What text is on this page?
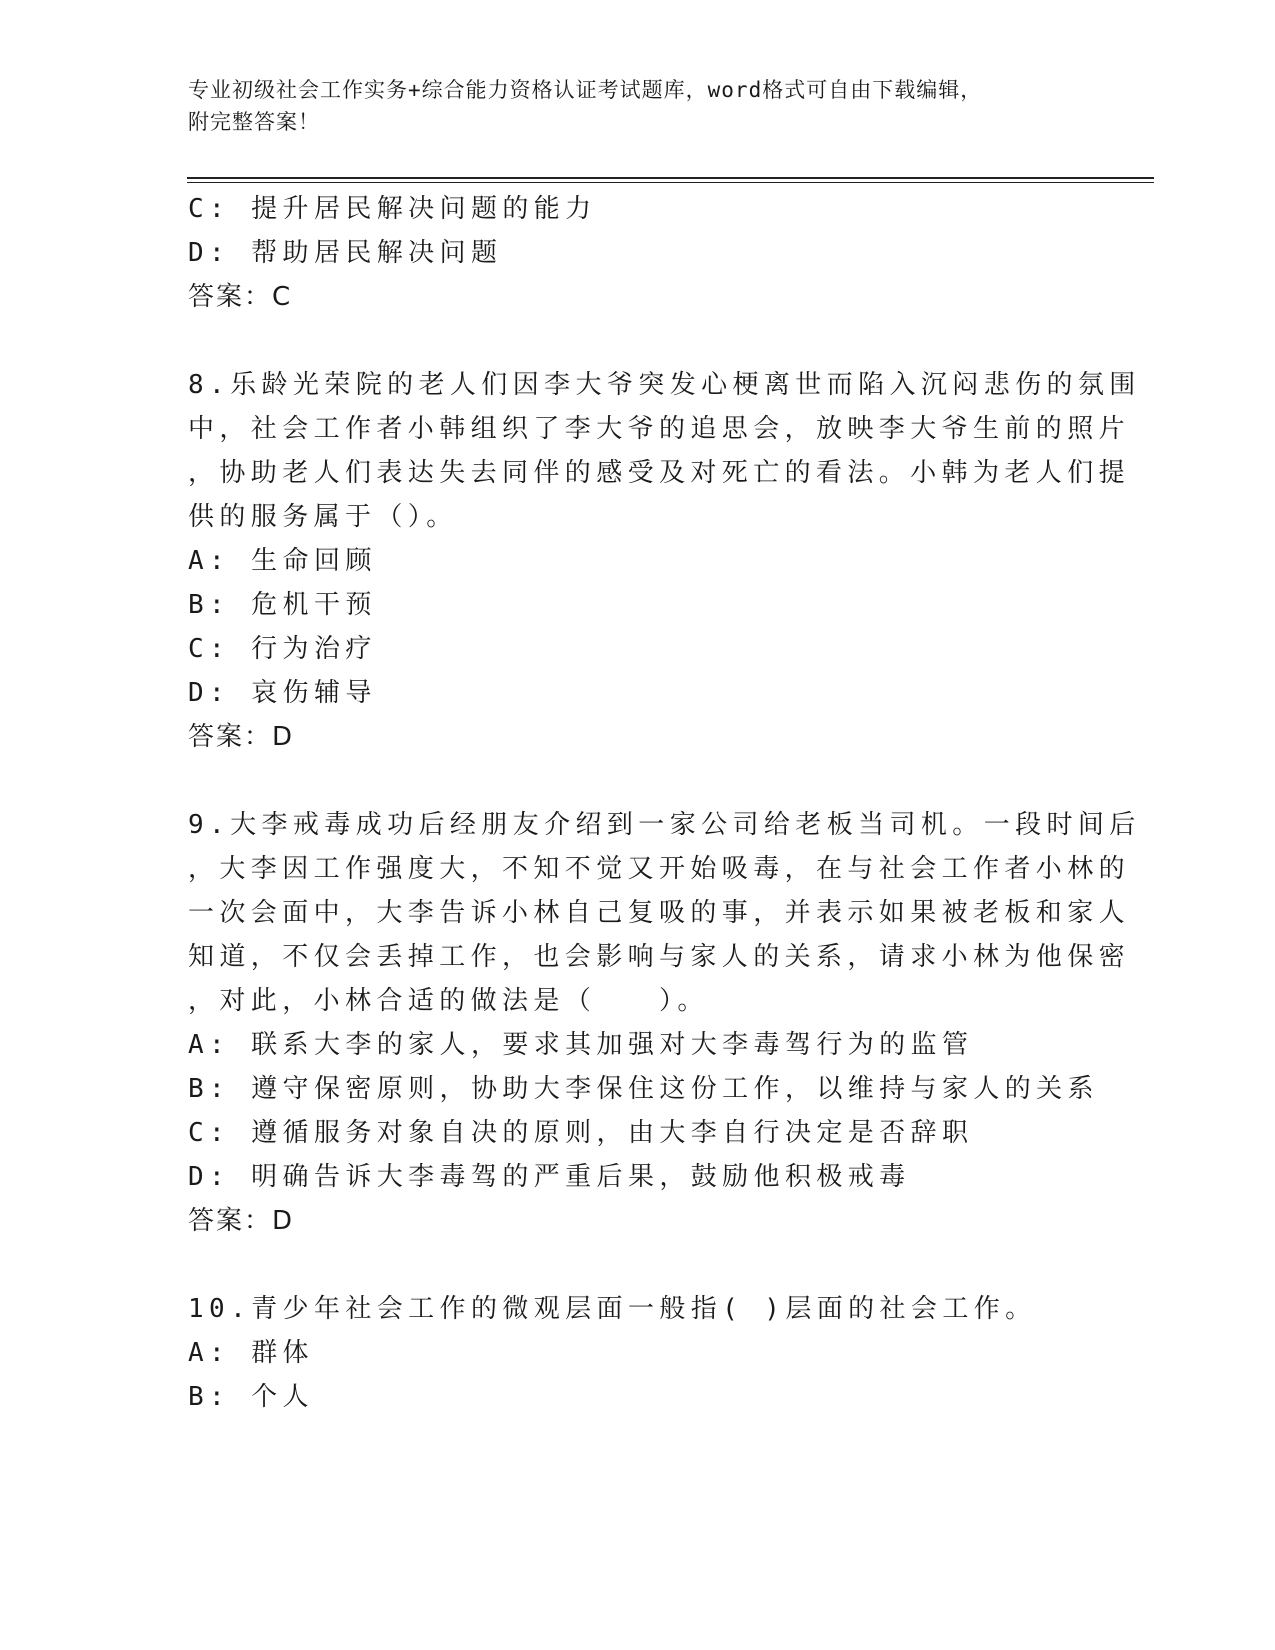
专业初级社会工作实务+综合能力资格认证考试题库，word格式可自由下载编辑，
附完整答案！
C: 提升居民解决问题的能力
D: 帮助居民解决问题
答案：C
8.乐龄光荣院的老人们因李大爷突发心梗离世而陷入沉闷悲伤的氛围
中，社会工作者小韩组织了李大爷的追思会，放映李大爷生前的照片
，协助老人们表达失去同伴的感受及对死亡的看法。小韩为老人们提
供的服务属于（）。
A: 生命回顾
B: 危机干预
C: 行为治疗
D: 哀伤辅导
答案：D
9.大李戒毒成功后经朋友介绍到一家公司给老板当司机。一段时间后
，大李因工作强度大，不知不觉又开始吸毒，在与社会工作者小林的
一次会面中，大李告诉小林自己复吸的事，并表示如果被老板和家人
知道，不仅会丢掉工作，也会影响与家人的关系，请求小林为他保密
，对此，小林合适的做法是（　　）。
A: 联系大李的家人，要求其加强对大李毒驾行为的监管
B: 遵守保密原则，协助大李保住这份工作，以维持与家人的关系
C: 遵循服务对象自决的原则，由大李自行决定是否辞职
D: 明确告诉大李毒驾的严重后果，鼓励他积极戒毒
答案：D
10.青少年社会工作的微观层面一般指( )层面的社会工作。
A: 群体
B: 个人
